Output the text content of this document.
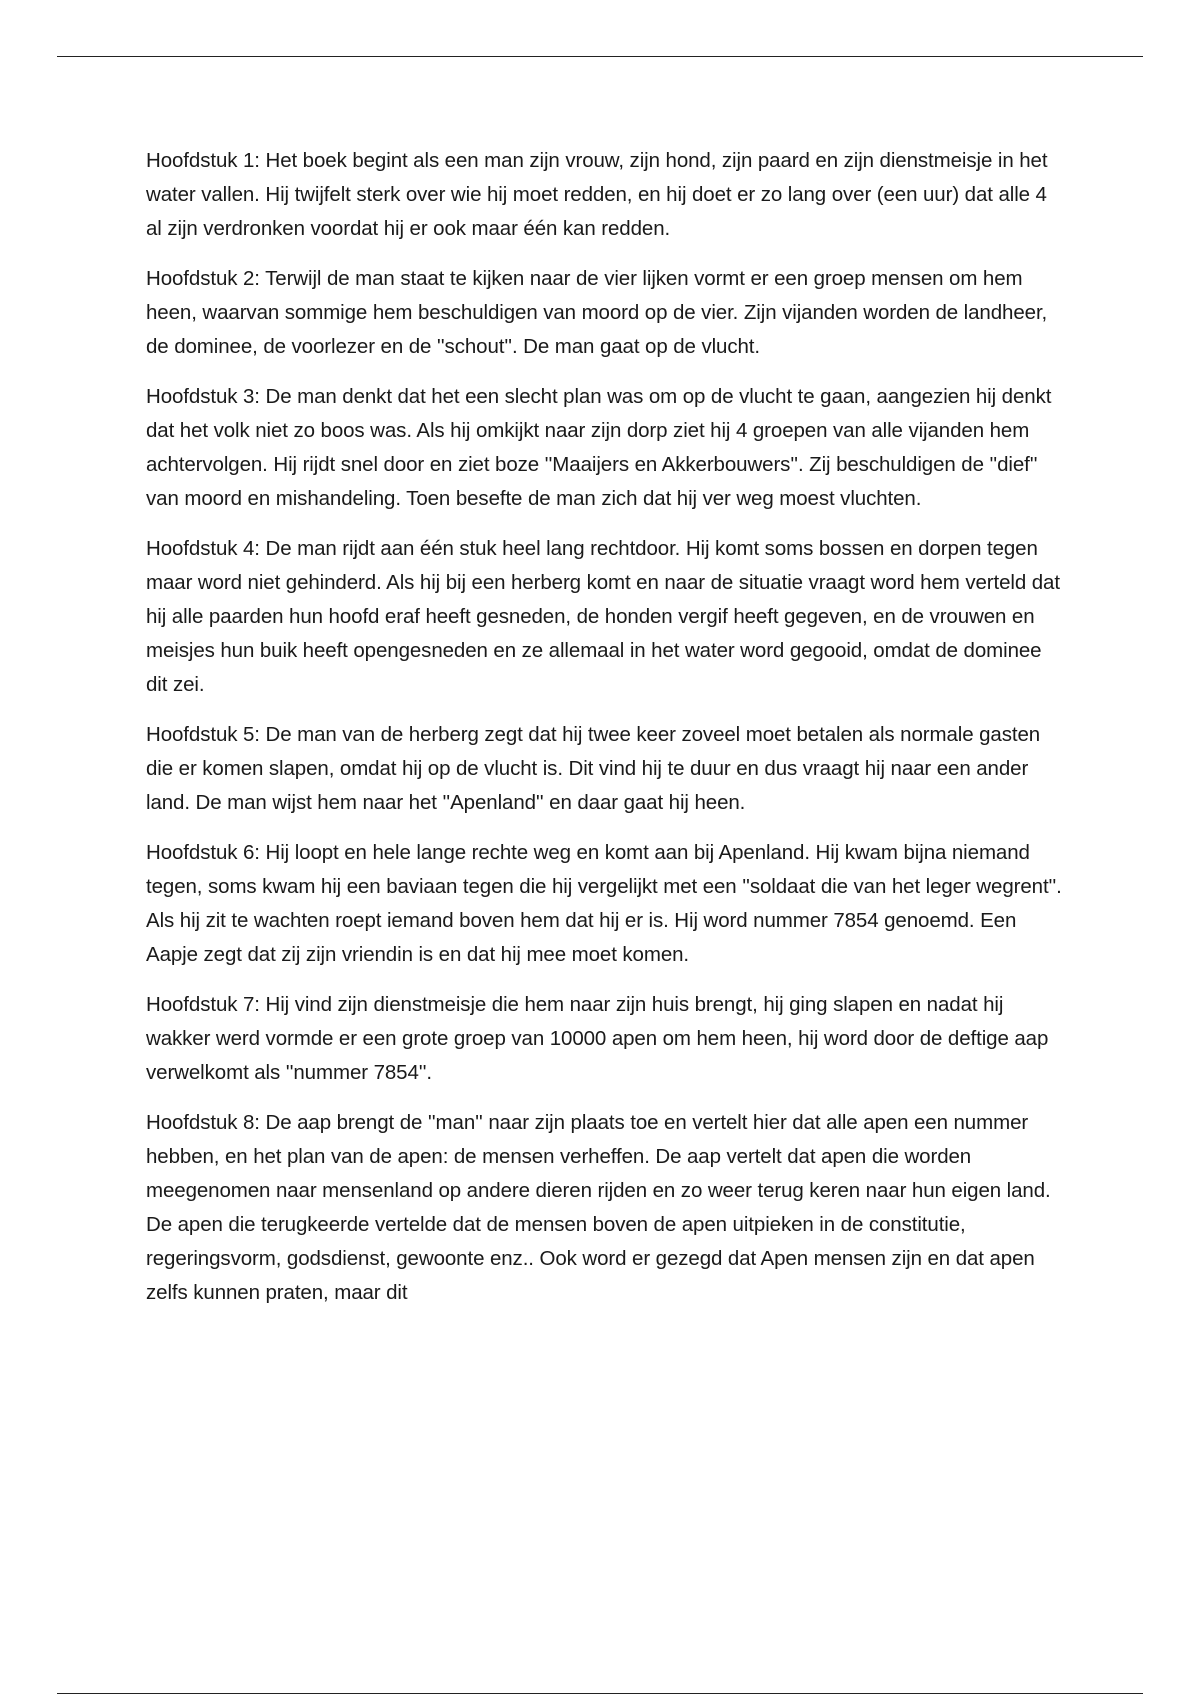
Hoofdstuk 1: Het boek begint als een man zijn vrouw, zijn hond, zijn paard en zijn dienstmeisje in het water vallen. Hij twijfelt sterk over wie hij moet redden, en hij doet er zo lang over (een uur) dat alle 4 al zijn verdronken voordat hij er ook maar één kan redden.

Hoofdstuk 2: Terwijl de man staat te kijken naar de vier lijken vormt er een groep mensen om hem heen, waarvan sommige hem beschuldigen van moord op de vier. Zijn vijanden worden de landheer, de dominee, de voorlezer en de ''schout''. De man gaat op de vlucht.

Hoofdstuk 3: De man denkt dat het een slecht plan was om op de vlucht te gaan, aangezien hij denkt dat het volk niet zo boos was. Als hij omkijkt naar zijn dorp ziet hij 4 groepen van alle vijanden hem achtervolgen. Hij rijdt snel door en ziet boze ''Maaijers en Akkerbouwers''. Zij beschuldigen de ''dief'' van moord en mishandeling. Toen besefte de man zich dat hij ver weg moest vluchten.

Hoofdstuk 4: De man rijdt aan één stuk heel lang rechtdoor. Hij komt soms bossen en dorpen tegen maar word niet gehinderd. Als hij bij een herberg komt en naar de situatie vraagt word hem verteld dat hij alle paarden hun hoofd eraf heeft gesneden, de honden vergif heeft gegeven, en de vrouwen en meisjes hun buik heeft opengesneden en ze allemaal in het water word gegooid, omdat de dominee dit zei.

Hoofdstuk 5: De man van de herberg zegt dat hij twee keer zoveel moet betalen als normale gasten die er komen slapen, omdat hij op de vlucht is. Dit vind hij te duur en dus vraagt hij naar een ander land. De man wijst hem naar het ''Apenland'' en daar gaat hij heen.

Hoofdstuk 6: Hij loopt en hele lange rechte weg en komt aan bij Apenland. Hij kwam bijna niemand tegen, soms kwam hij een baviaan tegen die hij vergelijkt met een ''soldaat die van het leger wegrent''. Als hij zit te wachten roept iemand boven hem dat hij er is. Hij word nummer 7854 genoemd. Een Aapje zegt dat zij zijn vriendin is en dat hij mee moet komen.

Hoofdstuk 7: Hij vind zijn dienstmeisje die hem naar zijn huis brengt, hij ging slapen en nadat hij wakker werd vormde er een grote groep van 10000 apen om hem heen, hij word door de deftige aap verwelkomt als ''nummer 7854''.

Hoofdstuk 8: De aap brengt de ''man'' naar zijn plaats toe en vertelt hier dat alle apen een nummer hebben, en het plan van de apen: de mensen verheffen. De aap vertelt dat apen die worden meegenomen naar mensenland op andere dieren rijden en zo weer terug keren naar hun eigen land. De apen die terugkeerde vertelde dat de mensen boven de apen uitpieken in de constitutie, regeringsvorm, godsdienst, gewoonte enz.. Ook word er gezegd dat Apen mensen zijn en dat apen zelfs kunnen praten, maar dit
